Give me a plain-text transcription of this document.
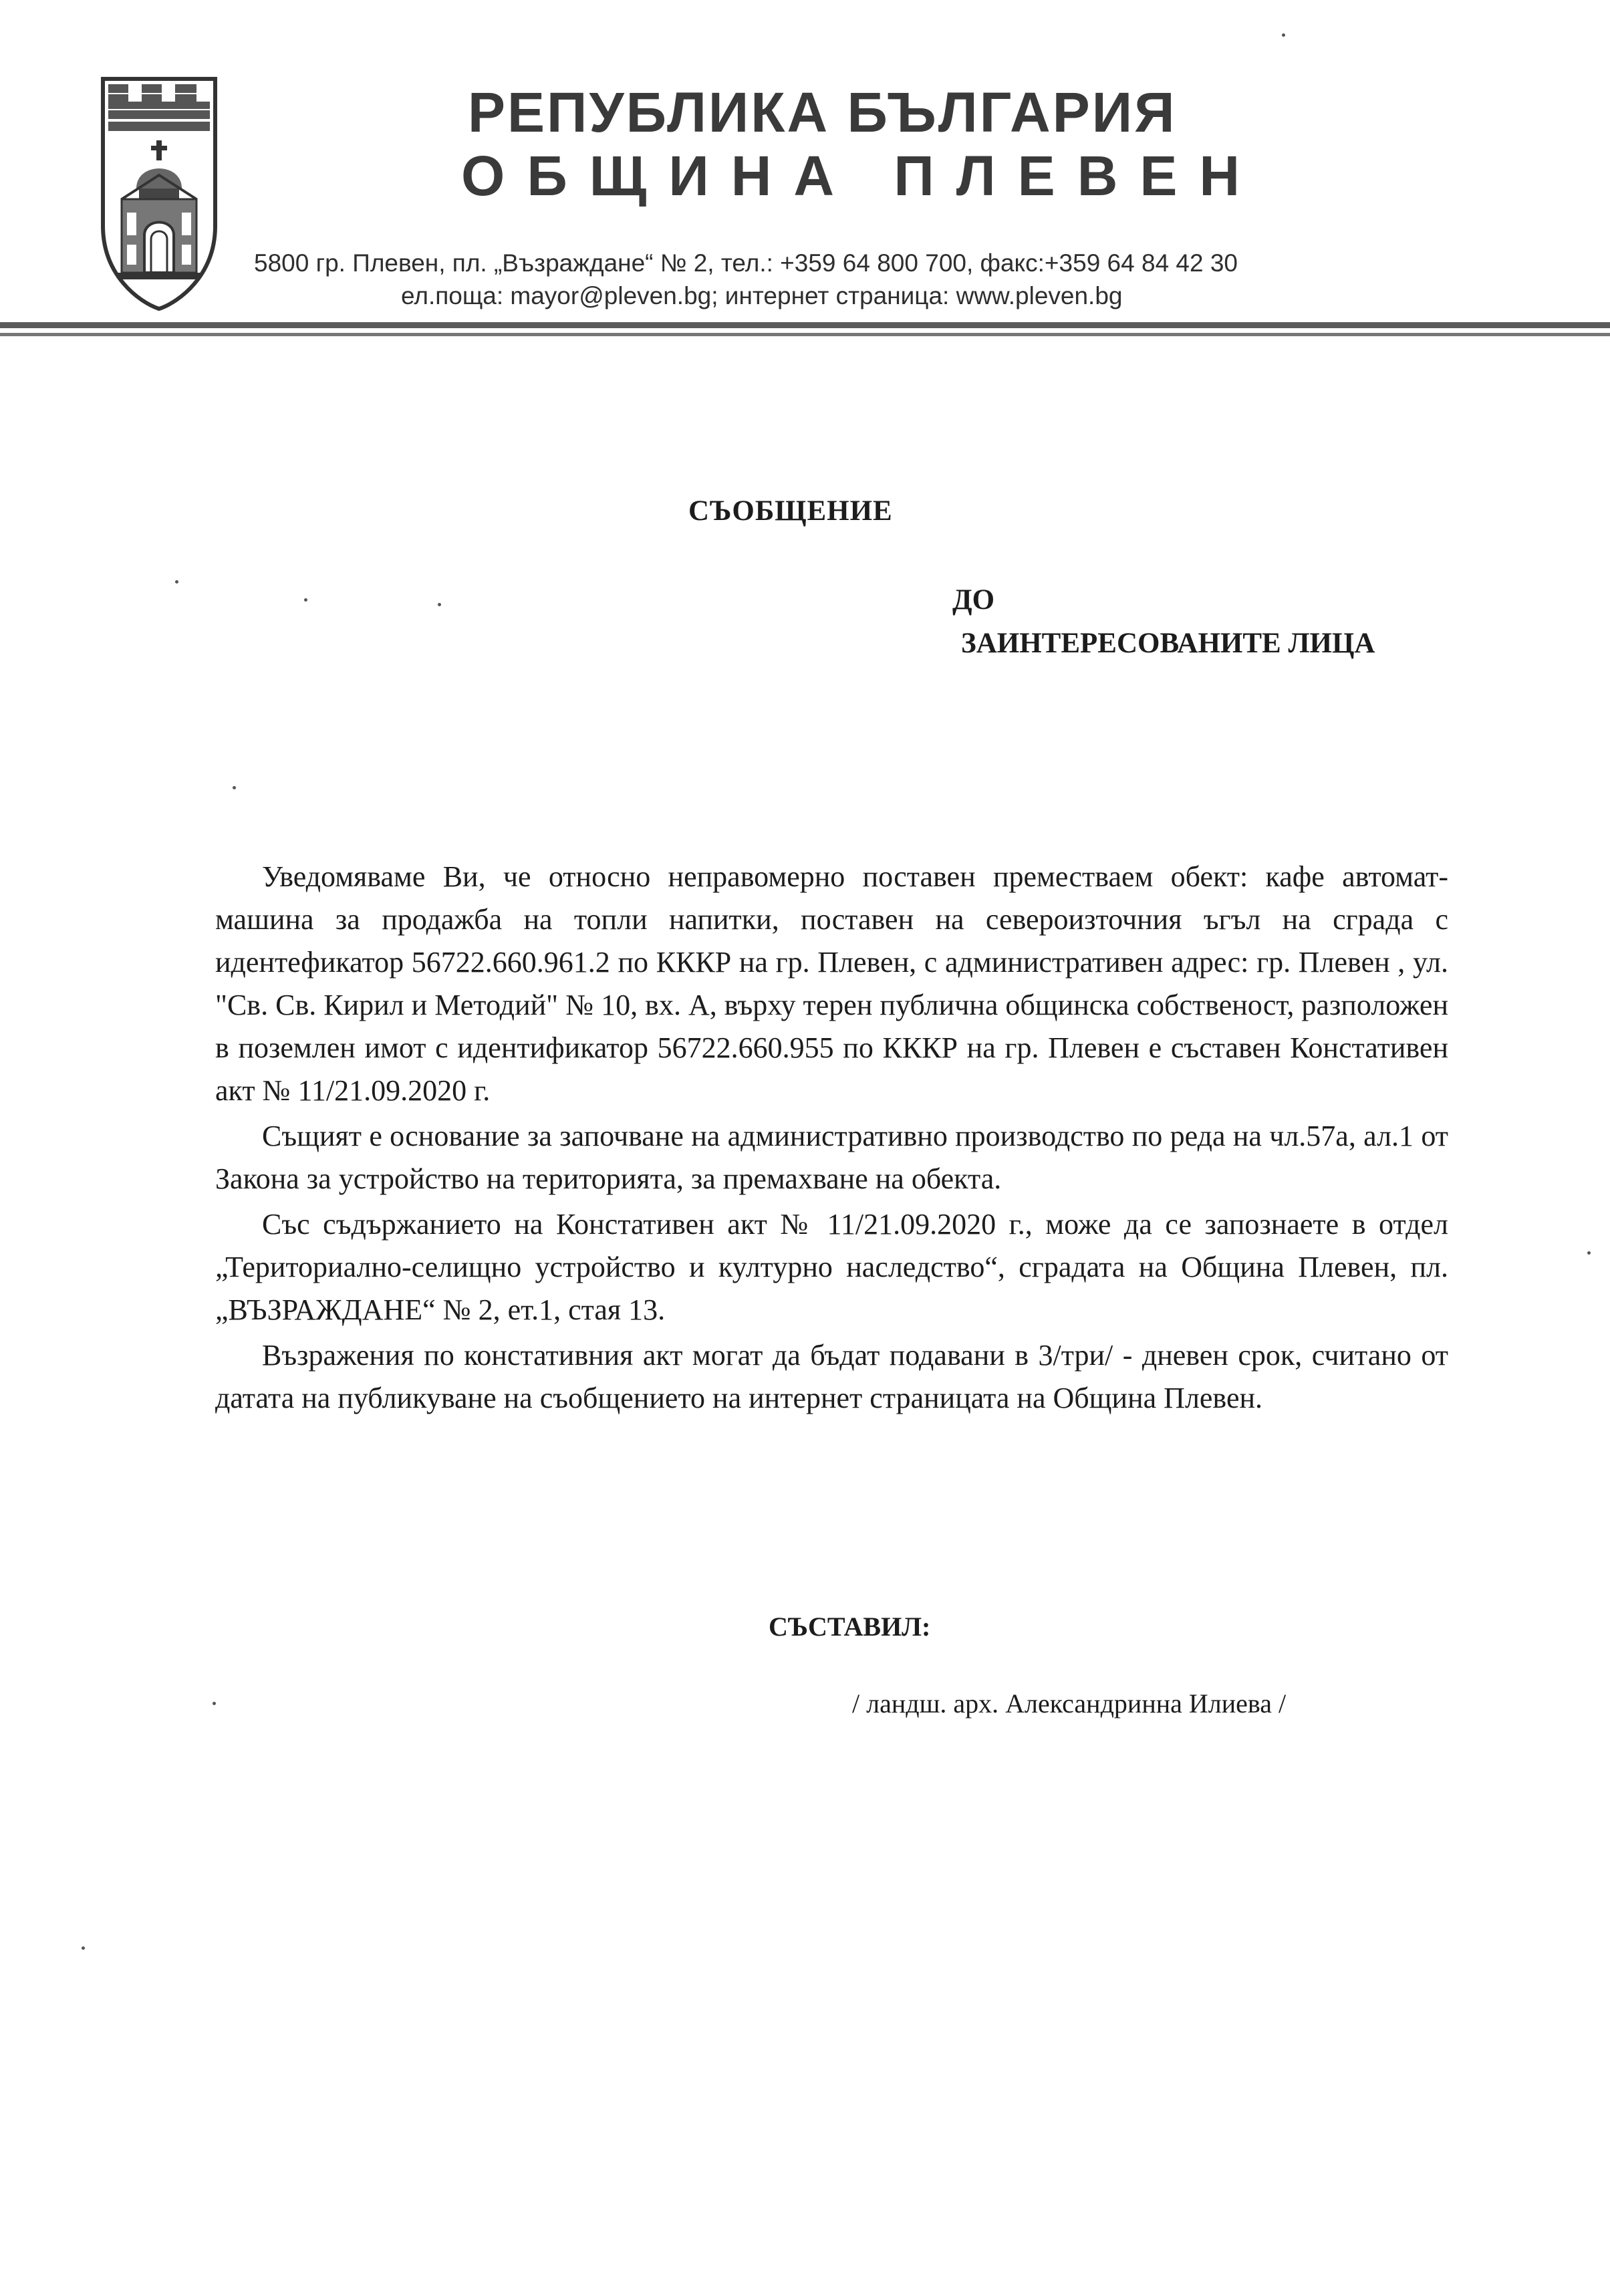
РЕПУБЛИКА БЪЛГАРИЯ
ОБЩИНА ПЛЕВЕН
5800 гр. Плевен, пл. „Възраждане“ № 2, тел.: +359 64 800 700, факс:+359 64 84 42 30
ел.поща: mayor@pleven.bg; интернет страница: www.pleven.bg
СЪОБЩЕНИЕ
ДО
ЗАИНТЕРЕСОВАНИТЕ ЛИЦА

Уведомяваме Ви, че относно неправомерно поставен преместваем обект: кафе автомат-машина за продажба на топли напитки, поставен на североизточния ъгъл на сграда с идентефикатор 56722.660.961.2 по КККР на гр. Плевен, с административен адрес: гр. Плевен , ул. "Св. Св. Кирил и Методий" № 10, вх. А, върху терен публична общинска собственост, разположен в поземлен имот с идентификатор 56722.660.955 по КККР на гр. Плевен е съставен Констативен акт № 11/21.09.2020 г.

Същият е основание за започване на административно производство по реда на чл.57а, ал.1 от Закона за устройство на територията, за премахване на обекта.

Със съдържанието на Констативен акт № 11/21.09.2020 г., може да се запознаете в отдел „Териториално-селищно устройство и културно наследство“, сградата на Община Плевен, пл. „ВЪЗРАЖДАНЕ“ № 2, ет.1, стая 13.

Възражения по констативния акт могат да бъдат подавани в 3/три/ - дневен срок, считано от датата на публикуване на съобщението на интернет страницата на Община Плевен.

СЪСТАВИЛ:
/ ландш. арх. Александринна Илиева /
